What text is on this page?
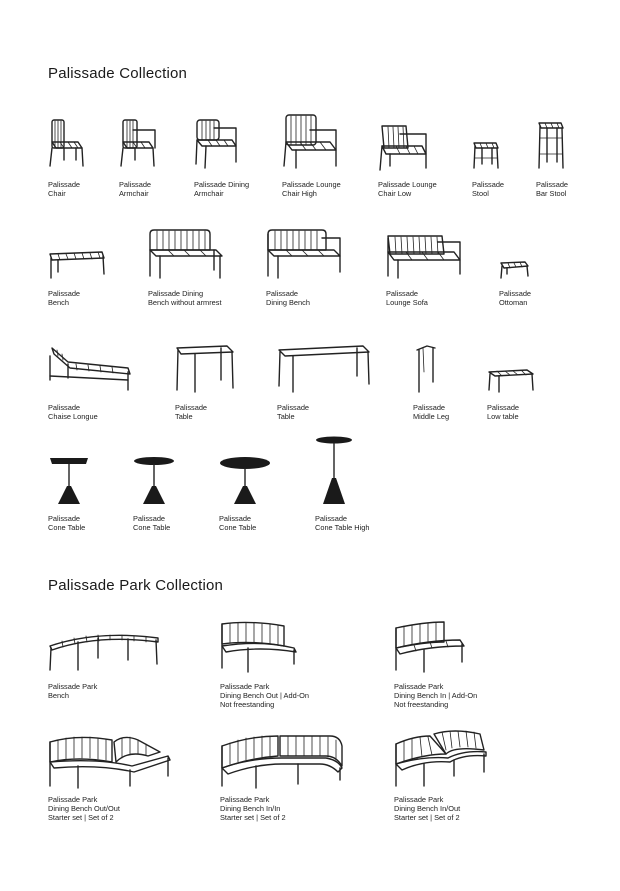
Palissade Collection
Palissade Park Collection
Palissade
Chair
Palissade
Armchair
Palissade Dining
Armchair
Palissade Lounge
Chair High
Palissade Lounge
Chair Low
Palissade
Stool
Palissade
Bar Stool
Palissade
Bench
Palissade Dining
Bench without armrest
Palissade
Dining Bench
Palissade
Lounge Sofa
Palissade
Ottoman
Palissade
Chaise Longue
Palissade
Table
Palissade
Table
Palissade
Middle Leg
Palissade
Low table
Palissade
Cone Table
Palissade
Cone Table
Palissade
Cone Table
Palissade
Cone Table High
Palissade Park
Bench
Palissade Park
Dining Bench Out | Add-On
Not freestanding
Palissade Park
Dining Bench In | Add-On
Not freestanding
Palissade Park
Dining Bench Out/Out
Starter set | Set of 2
Palissade Park
Dining Bench In/In
Starter set | Set of 2
Palissade Park
Dining Bench In/Out
Starter set | Set of 2
